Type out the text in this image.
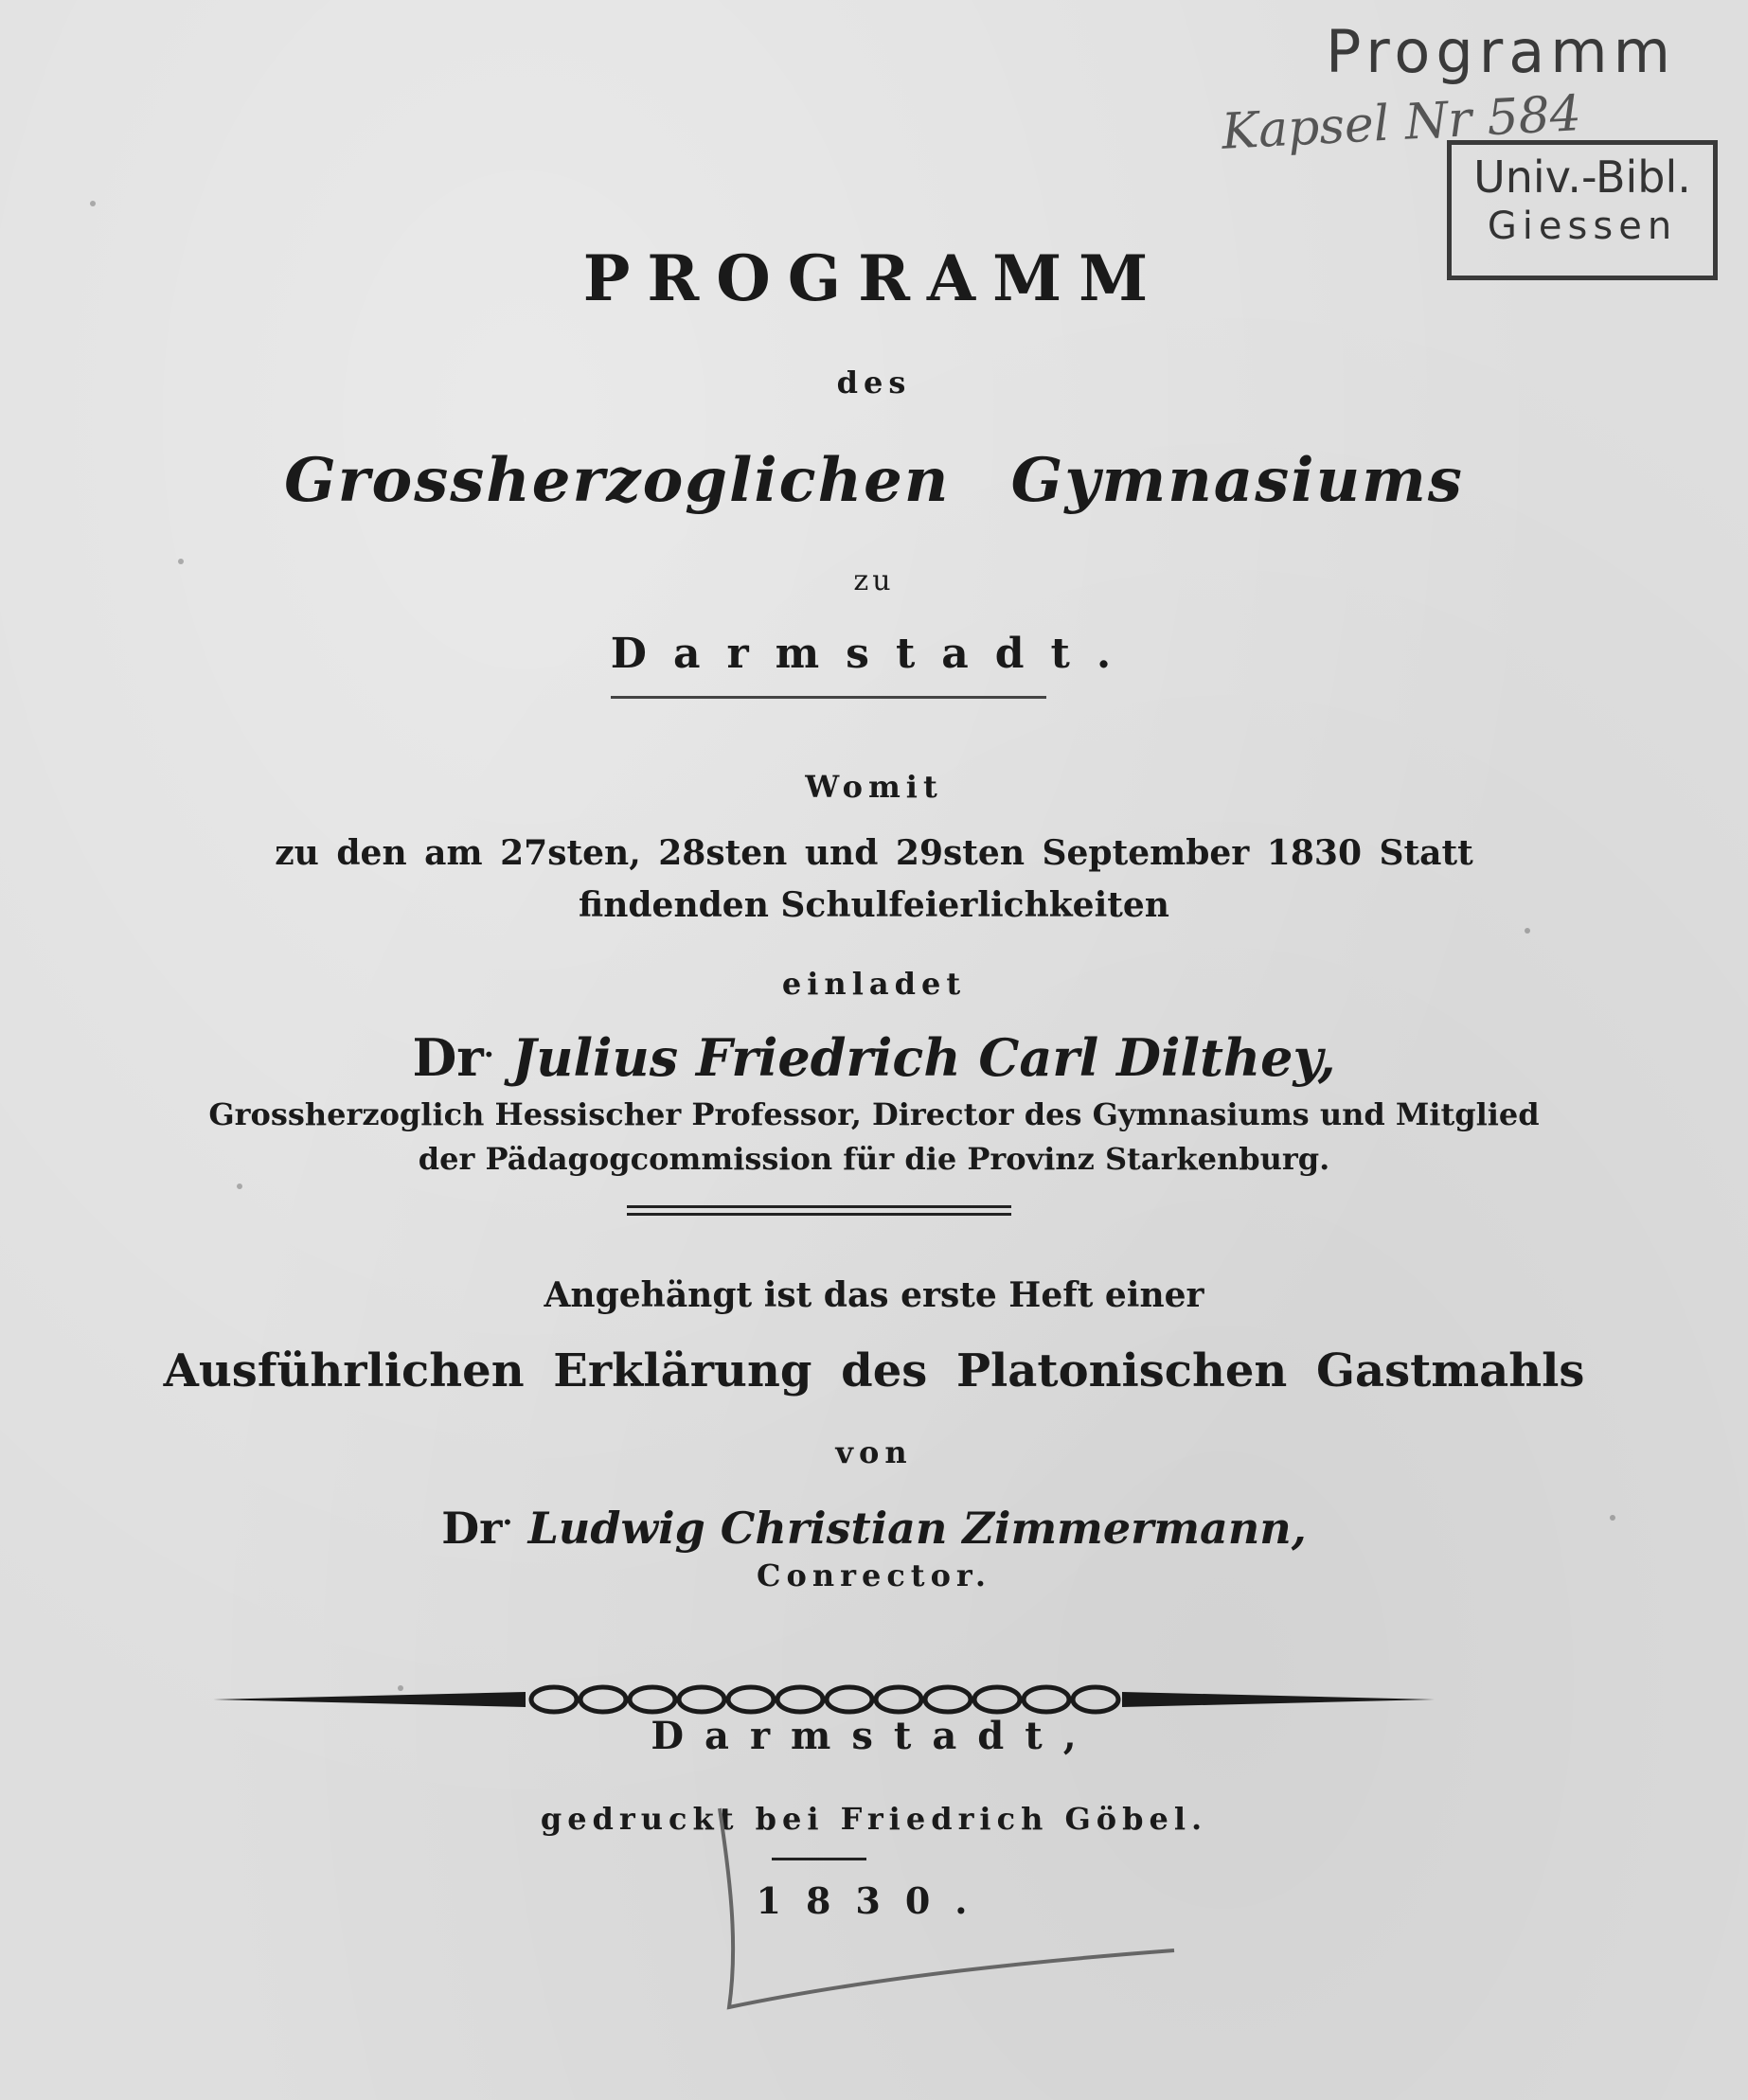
Programm
Kapsel Nr 584
Univ.-Bibl.
Giessen
PROGRAMM
des
Grossherzoglichen Gymnasiums
zu
Darmstadt.
Womit
zu den am 27sten, 28sten und 29sten September 1830 Statt
findenden Schulfeierlichkeiten
einladet
Dr. Julius Friedrich Carl Dilthey,
Grossherzoglich Hessischer Professor, Director des Gymnasiums und Mitglied
der Pädagogcommission für die Provinz Starkenburg.
Angehängt ist das erste Heft einer
Ausführlichen Erklärung des Platonischen Gastmahls
von
Dr. Ludwig Christian Zimmermann,
Conrector.
Darmstadt,
gedruckt bei Friedrich Göbel.
1830.
